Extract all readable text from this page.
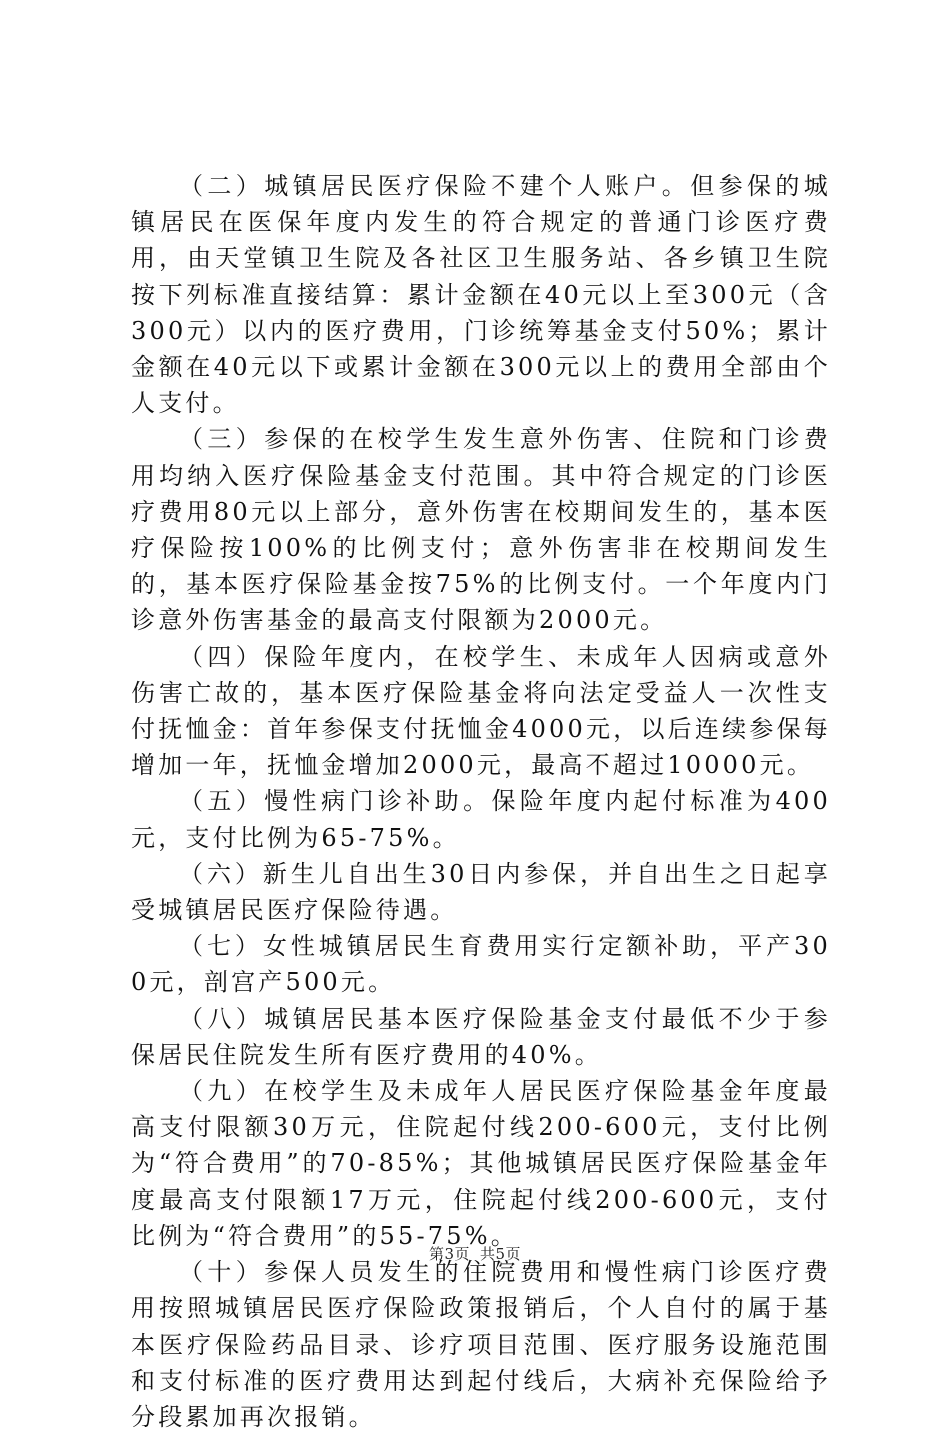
（二）城镇居民医疗保险不建个人账户。但参保的城镇居民在医保年度内发生的符合规定的普通门诊医疗费用，由天堂镇卫生院及各社区卫生服务站、各乡镇卫生院按下列标准直接结算：累计金额在40元以上至300元（含300元）以内的医疗费用，门诊统筹基金支付50%；累计金额在40元以下或累计金额在300元以上的费用全部由个人支付。

（三）参保的在校学生发生意外伤害、住院和门诊费用均纳入医疗保险基金支付范围。其中符合规定的门诊医疗费用80元以上部分，意外伤害在校期间发生的，基本医疗保险按100%的比例支付；意外伤害非在校期间发生的，基本医疗保险基金按75%的比例支付。一个年度内门诊意外伤害基金的最高支付限额为2000元。

（四）保险年度内，在校学生、未成年人因病或意外伤害亡故的，基本医疗保险基金将向法定受益人一次性支付抚恤金：首年参保支付抚恤金4000元，以后连续参保每增加一年，抚恤金增加2000元，最高不超过10000元。

（五）慢性病门诊补助。保险年度内起付标准为400元，支付比例为65-75%。

（六）新生儿自出生30日内参保，并自出生之日起享受城镇居民医疗保险待遇。

（七）女性城镇居民生育费用实行定额补助，平产300元，剖宫产500元。

（八）城镇居民基本医疗保险基金支付最低不少于参保居民住院发生所有医疗费用的40%。

（九）在校学生及未成年人居民医疗保险基金年度最高支付限额30万元，住院起付线200-600元，支付比例为“符合费用”的70-85%；其他城镇居民医疗保险基金年度最高支付限额17万元，住院起付线200-600元，支付比例为“符合费用”的55-75%。

（十）参保人员发生的住院费用和慢性病门诊医疗费用按照城镇居民医疗保险政策报销后，个人自付的属于基本医疗保险药品目录、诊疗项目范围、医疗服务设施范围和支付标准的医疗费用达到起付线后，大病补充保险给予分段累加再次报销。

第3页 共5页
